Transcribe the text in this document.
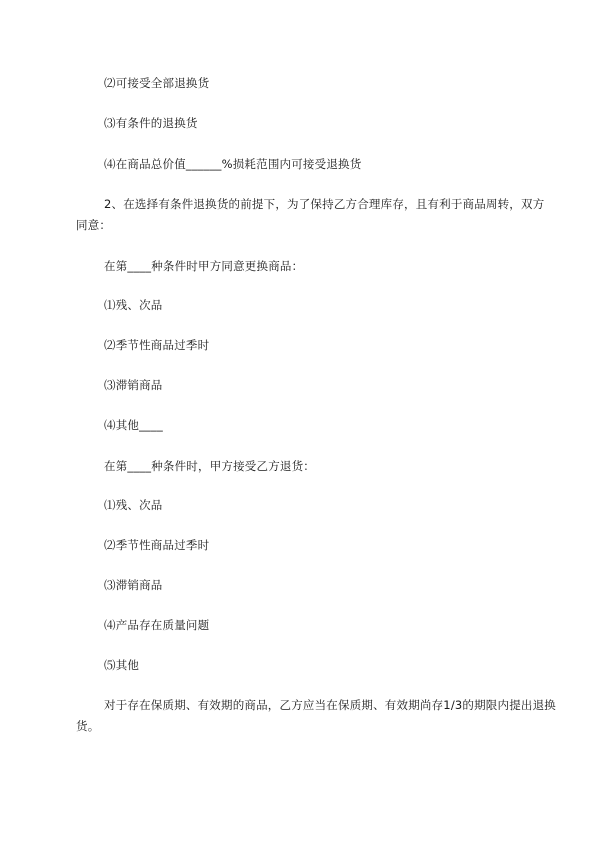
⑵可接受全部退换货
⑶有条件的退换货
⑷在商品总价值______%损耗范围内可接受退换货
2、在选择有条件退换货的前提下，为了保持乙方合理库存，且有利于商品周转，双方同意：
在第____种条件时甲方同意更换商品：
⑴残、次品
⑵季节性商品过季时
⑶滞销商品
⑷其他____
在第____种条件时，甲方接受乙方退货：
⑴残、次品
⑵季节性商品过季时
⑶滞销商品
⑷产品存在质量问题
⑸其他
对于存在保质期、有效期的商品，乙方应当在保质期、有效期尚存1/3的期限内提出退换货。
